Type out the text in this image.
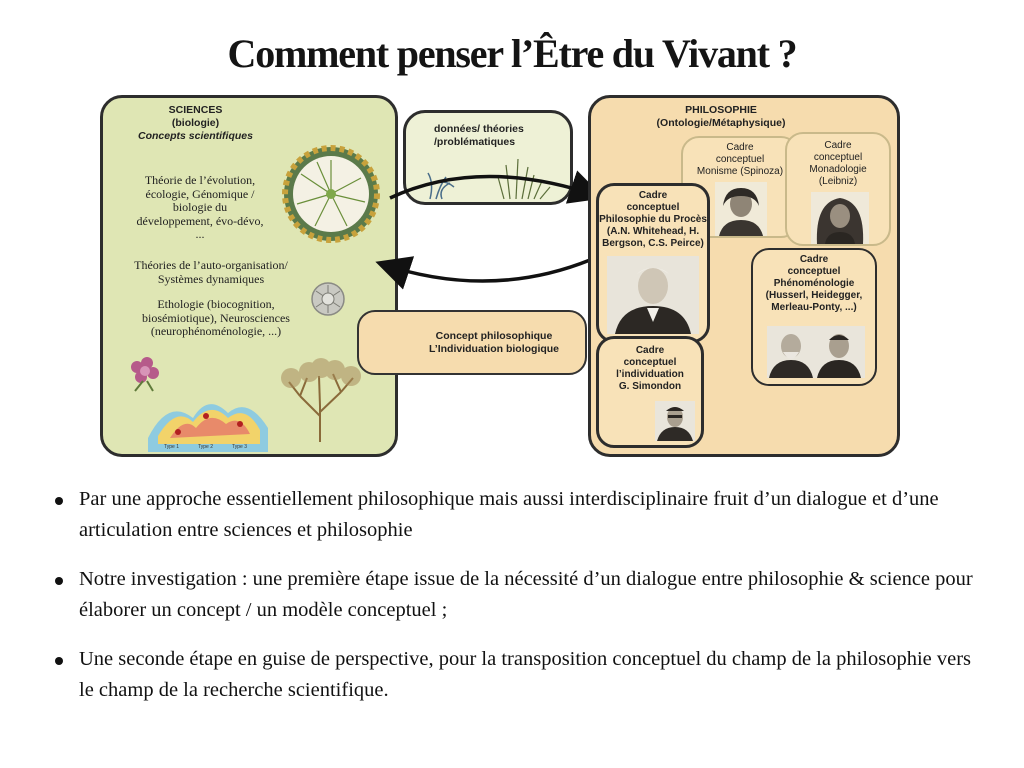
Comment penser l’Être du Vivant ?
SCIENCES
(biologie)
Concepts scientifiques
Théorie de l’évolution,
écologie, Génomique /
biologie du
développement, évo-dévo,
...
Théories de l’auto-organisation/
Systèmes dynamiques
Ethologie (biocognition,
biosémiotique), Neurosciences
(neurophénoménologie, ...)
Type 1	Type 2	Type 3
données/ théories
/problématiques
Concept philosophique
L’Individuation biologique
PHILOSOPHIE
(Ontologie/Métaphysique)
Cadre
conceptuel
Monisme (Spinoza)
Cadre
conceptuel
Monadologie
(Leibniz)
Cadre
conceptuel
Philosophie du Procès
(A.N. Whitehead, H.
Bergson, C.S. Peirce)
Cadre
conceptuel
Phénoménologie
(Husserl, Heidegger,
Merleau-Ponty, ...)
Cadre
conceptuel
l’individuation
G. Simondon
Par une approche essentiellement philosophique mais aussi interdisciplinaire fruit d’un dialogue et d’une articulation entre sciences et philosophie
Notre investigation : une première étape issue de la nécessité d’un dialogue entre philosophie & science pour élaborer un concept / un modèle conceptuel ;
Une seconde étape en guise de perspective, pour la transposition conceptuel du champ de la philosophie vers le champ de la recherche scientifique.
